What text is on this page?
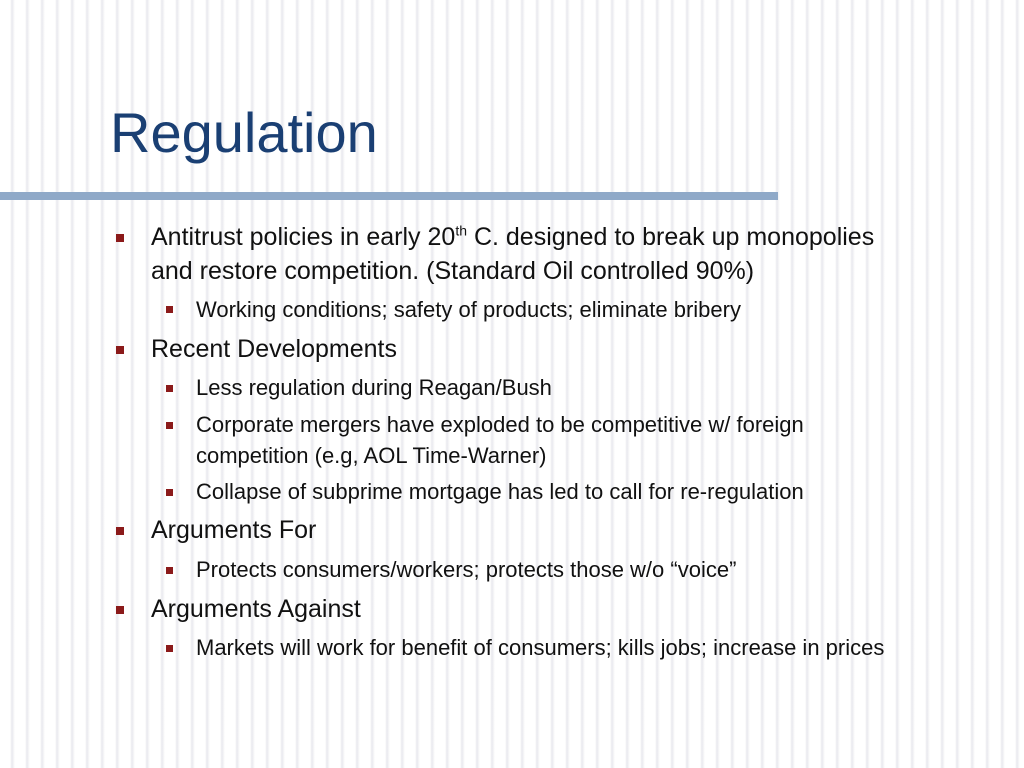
Regulation
Antitrust policies in early 20th C. designed to break up monopolies
and restore competition. (Standard Oil controlled 90%)
Working conditions; safety of products; eliminate bribery
Recent Developments
Less regulation during Reagan/Bush
Corporate mergers have exploded to be competitive w/ foreign
competition (e.g, AOL Time-Warner)
Collapse of subprime mortgage has led to call for re-regulation
Arguments For
Protects consumers/workers; protects those w/o “voice”
Arguments Against
Markets will work for benefit of consumers; kills jobs; increase in prices
